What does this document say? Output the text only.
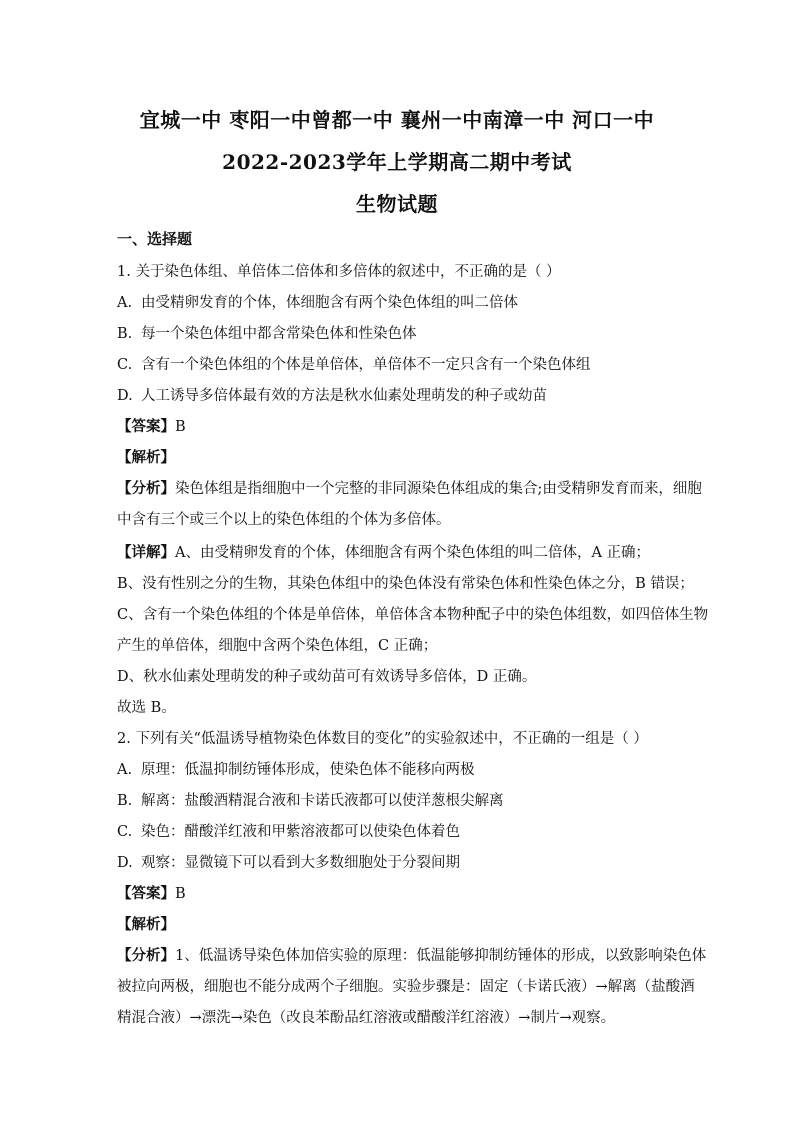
宜城一中 枣阳一中曾都一中 襄州一中南漳一中 河口一中
2022-2023学年上学期高二期中考试
生物试题
一、选择题
1. 关于染色体组、单倍体二倍体和多倍体的叙述中，不正确的是（ ）
A. 由受精卵发育的个体，体细胞含有两个染色体组的叫二倍体
B. 每一个染色体组中都含常染色体和性染色体
C. 含有一个染色体组的个体是单倍体，单倍体不一定只含有一个染色体组
D. 人工诱导多倍体最有效的方法是秋水仙素处理萌发的种子或幼苗
【答案】B
【解析】
【分析】染色体组是指细胞中一个完整的非同源染色体组成的集合;由受精卵发育而来，细胞
中含有三个或三个以上的染色体组的个体为多倍体。
【详解】A、由受精卵发育的个体，体细胞含有两个染色体组的叫二倍体，A 正确；
B、没有性别之分的生物，其染色体组中的染色体没有常染色体和性染色体之分，B 错误；
C、含有一个染色体组的个体是单倍体，单倍体含本物种配子中的染色体组数，如四倍体生物
产生的单倍体，细胞中含两个染色体组，C 正确；
D、秋水仙素处理萌发的种子或幼苗可有效诱导多倍体，D 正确。
故选 B。
2. 下列有关“低温诱导植物染色体数目的变化”的实验叙述中，不正确的一组是（ ）
A. 原理：低温抑制纺锤体形成，使染色体不能移向两极
B. 解离：盐酸酒精混合液和卡诺氏液都可以使洋葱根尖解离
C. 染色：醋酸洋红液和甲紫溶液都可以使染色体着色
D. 观察：显微镜下可以看到大多数细胞处于分裂间期
【答案】B
【解析】
【分析】1、低温诱导染色体加倍实验的原理：低温能够抑制纺锤体的形成，以致影响染色体
被拉向两极，细胞也不能分成两个子细胞。实验步骤是：固定（卡诺氏液）→解离（盐酸酒
精混合液）→漂洗→染色（改良苯酚品红溶液或醋酸洋红溶液）→制片→观察。
